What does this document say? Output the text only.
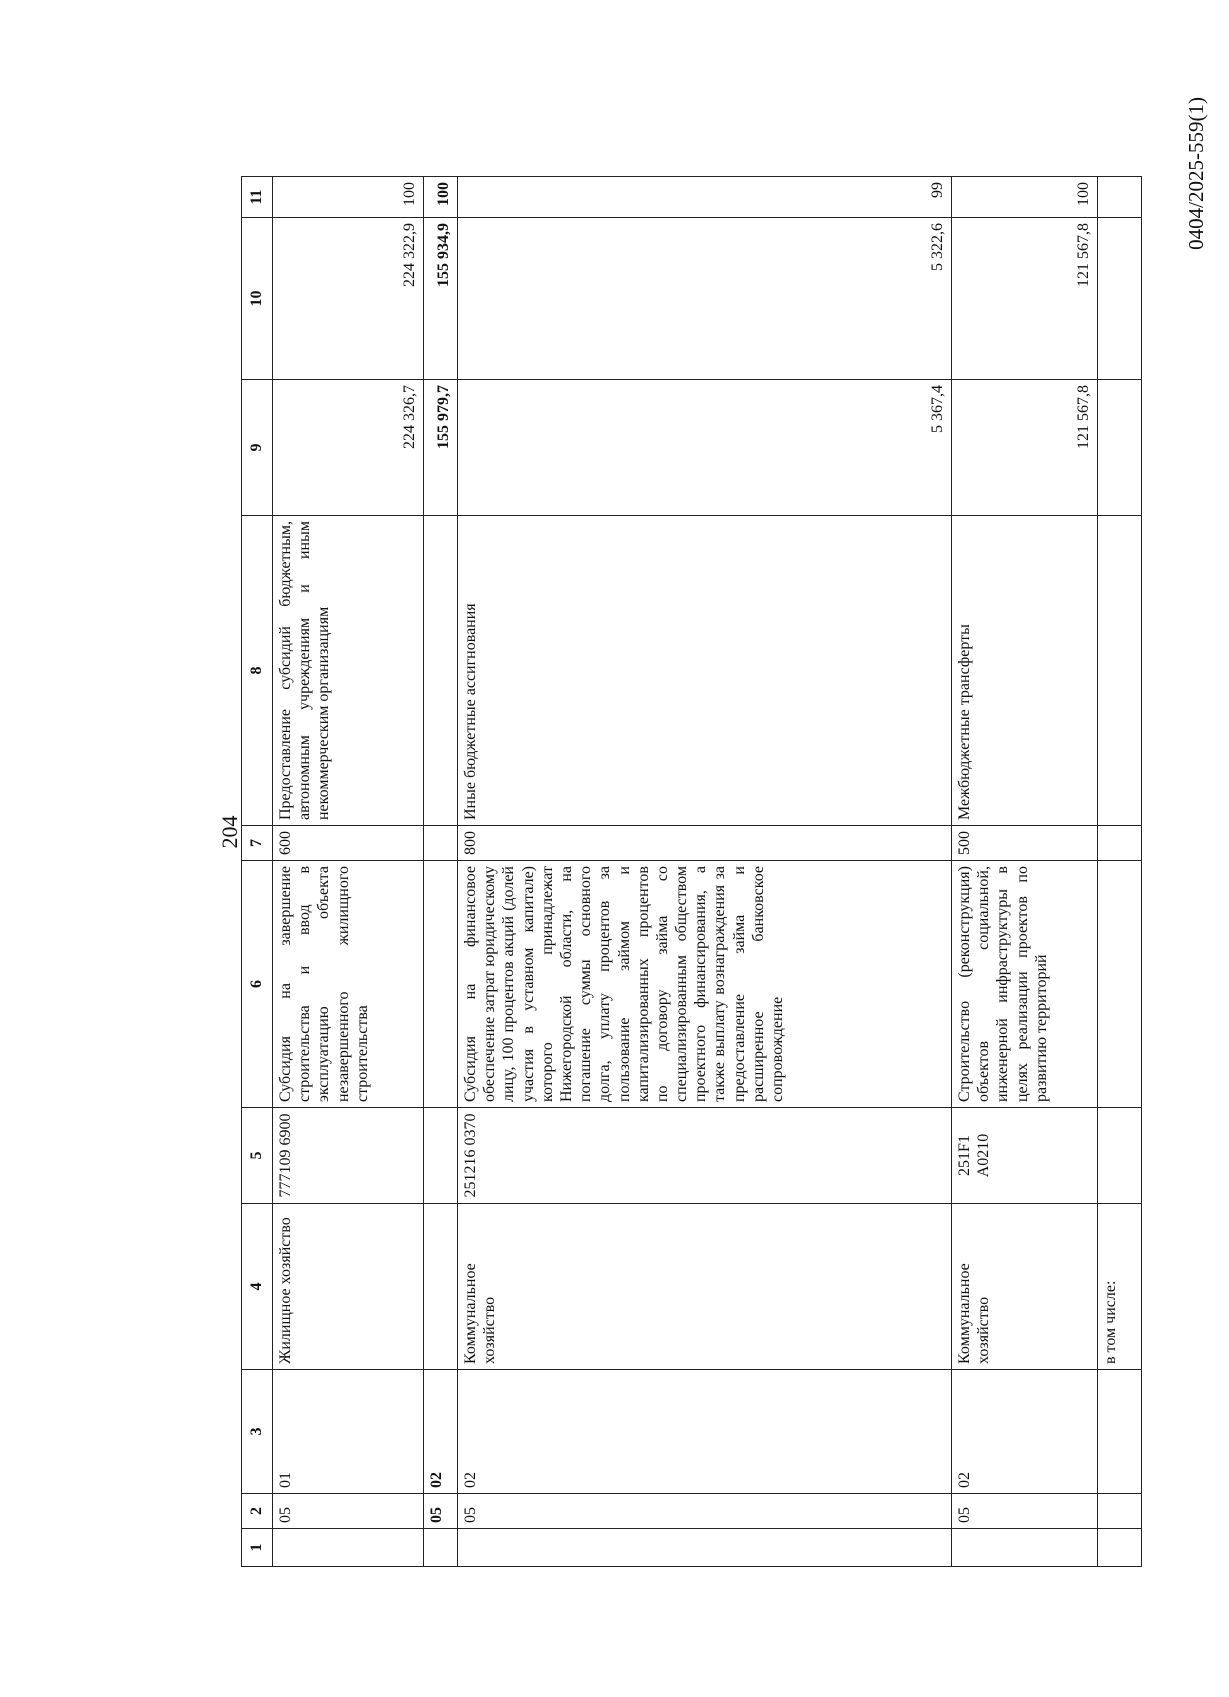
204
1	2	3	4	5	6	7	8	9	10	11
	05	01	Жилищное хозяйство	777109 6900	Субсидия на завершение строительства и ввод в эксплуатацию объекта незавершенного жилищного строительства	600	Предоставление субсидий бюджетным, автономным учреждениям и иным некоммерческим организациям	224 326,7	224 322,9	100
	05	02						155 979,7	155 934,9	100
	05	02	Коммунальное хозяйство	251216 0370	Субсидия на финансовое обеспечение затрат юридическому лицу, 100 процентов акций (долей участия в уставном капитале) которого принадлежат Нижегородской области, на погашение суммы основного долга, уплату процентов за пользование займом и капитализированных процентов по договору займа со специализированным обществом проектного финансирования, а также выплату вознаграждения за предоставление займа и расширенное банковское сопровождение	800	Иные бюджетные ассигнования	5 367,4	5 322,6	99
	05	02	Коммунальное хозяйство	251F1 A0210	Строительство (реконструкция) объектов социальной, инженерной инфраструктуры в целях реализации проектов по развитию территорий	500	Межбюджетные трансферты	121 567,8	121 567,8	100
			в том числе:							
0404/2025-559(1)
